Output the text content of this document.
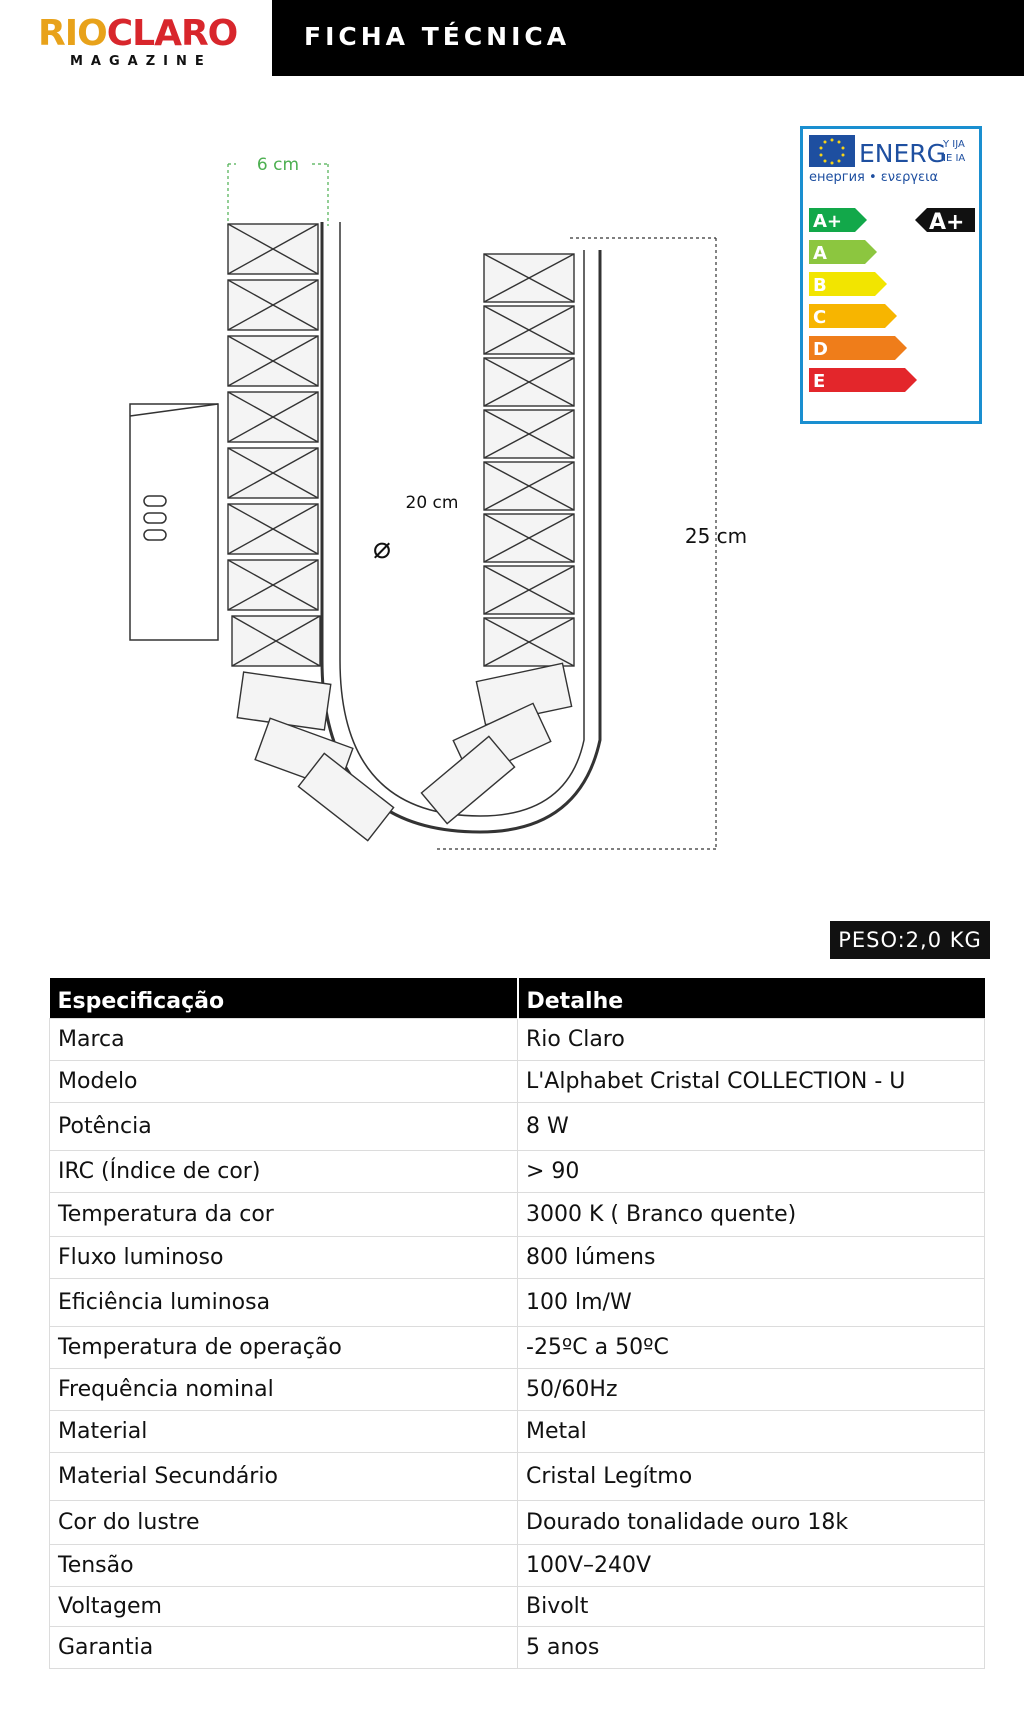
RIOCLARO
MAGAZINE
FICHA TÉCNICA
6 cm
25 cm
20 cm
⌀
ENERG
Y IJA
IE IA
енергия • ενεργεια
A+
A
B
C
D
E
A+
PESO:2,0 KG
Especificação	Detalhe
Marca	Rio Claro
Modelo	L'Alphabet Cristal COLLECTION - U
Potência	8 W
IRC (Índice de cor)	> 90
Temperatura da cor	3000 K ( Branco quente)
Fluxo luminoso	800 lúmens
Eficiência luminosa	100 lm/W
Temperatura de operação	-25ºC a 50ºC
Frequência nominal	50/60Hz
Material	Metal
Material Secundário	Cristal Legítmo
Cor do lustre	Dourado tonalidade ouro 18k
Tensão	100V–240V
Voltagem	Bivolt
Garantia	5 anos
